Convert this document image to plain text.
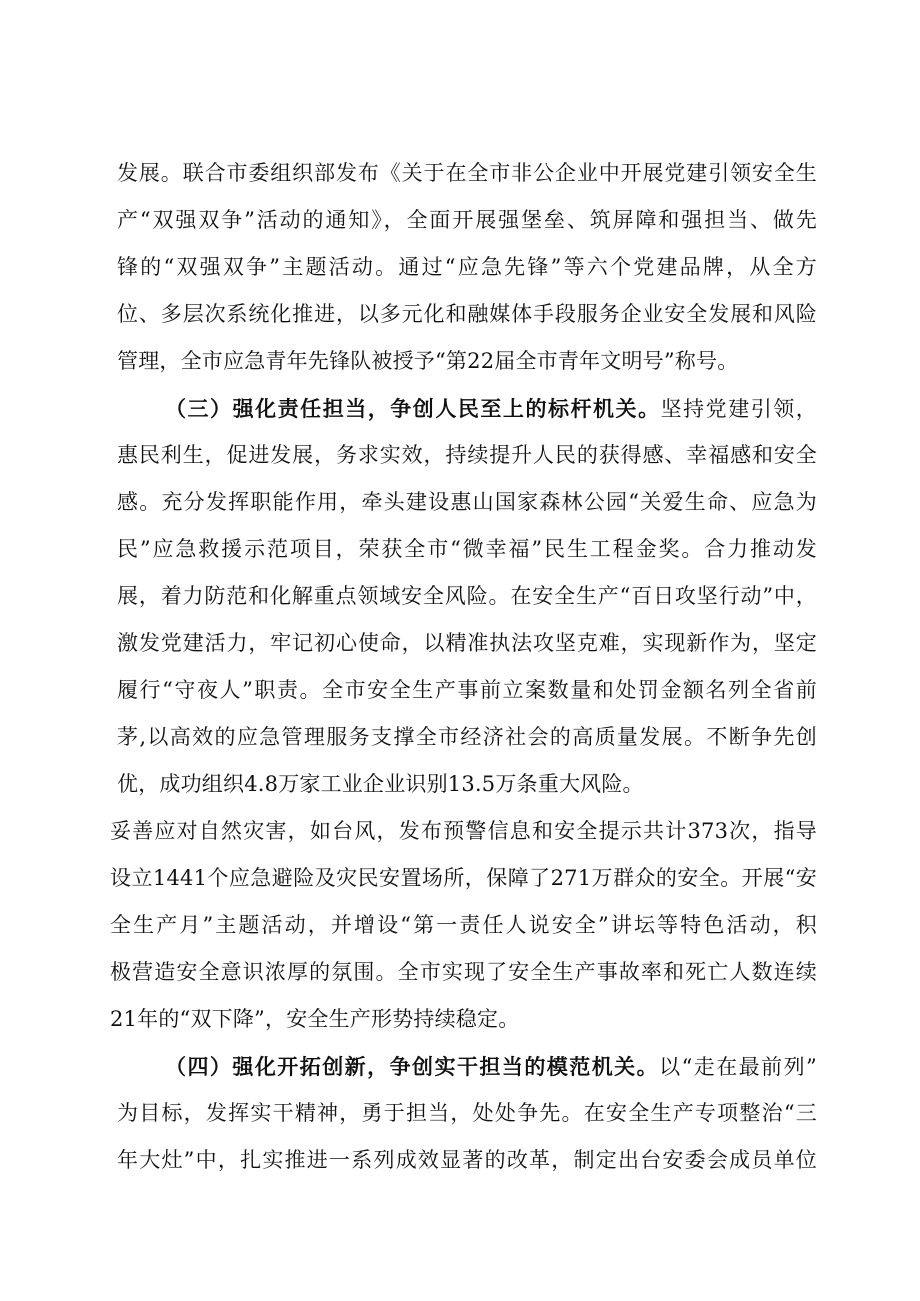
发展。联合市委组织部发布《关于在全市非公企业中开展党建引领安全生
产“双强双争”活动的通知》，全面开展强堡垒、筑屏障和强担当、做先
锋的“双强双争”主题活动。通过“应急先锋”等六个党建品牌，从全方
位、多层次系统化推进，以多元化和融媒体手段服务企业安全发展和风险
管理，全市应急青年先锋队被授予“第22届全市青年文明号”称号。
（三）强化责任担当，争创人民至上的标杆机关。坚持党建引领，
惠民利生，促进发展，务求实效，持续提升人民的获得感、幸福感和安全
感。充分发挥职能作用，牵头建设惠山国家森林公园“关爱生命、应急为
民”应急救援示范项目，荣获全市“微幸福”民生工程金奖。合力推动发
展，着力防范和化解重点领域安全风险。在安全生产“百日攻坚行动”中，
激发党建活力，牢记初心使命，以精准执法攻坚克难，实现新作为，坚定
履行“守夜人”职责。全市安全生产事前立案数量和处罚金额名列全省前
茅,以高效的应急管理服务支撑全市经济社会的高质量发展。不断争先创
优，成功组织4.8万家工业企业识别13.5万条重大风险。
妥善应对自然灾害，如台风，发布预警信息和安全提示共计373次，指导
设立1441个应急避险及灾民安置场所，保障了271万群众的安全。开展“安
全生产月”主题活动，并增设“第一责任人说安全”讲坛等特色活动，积
极营造安全意识浓厚的氛围。全市实现了安全生产事故率和死亡人数连续
21年的“双下降”，安全生产形势持续稳定。
（四）强化开拓创新，争创实干担当的模范机关。以“走在最前列”
为目标，发挥实干精神，勇于担当，处处争先。在安全生产专项整治“三
年大灶”中，扎实推进一系列成效显著的改革，制定出台安委会成员单位
